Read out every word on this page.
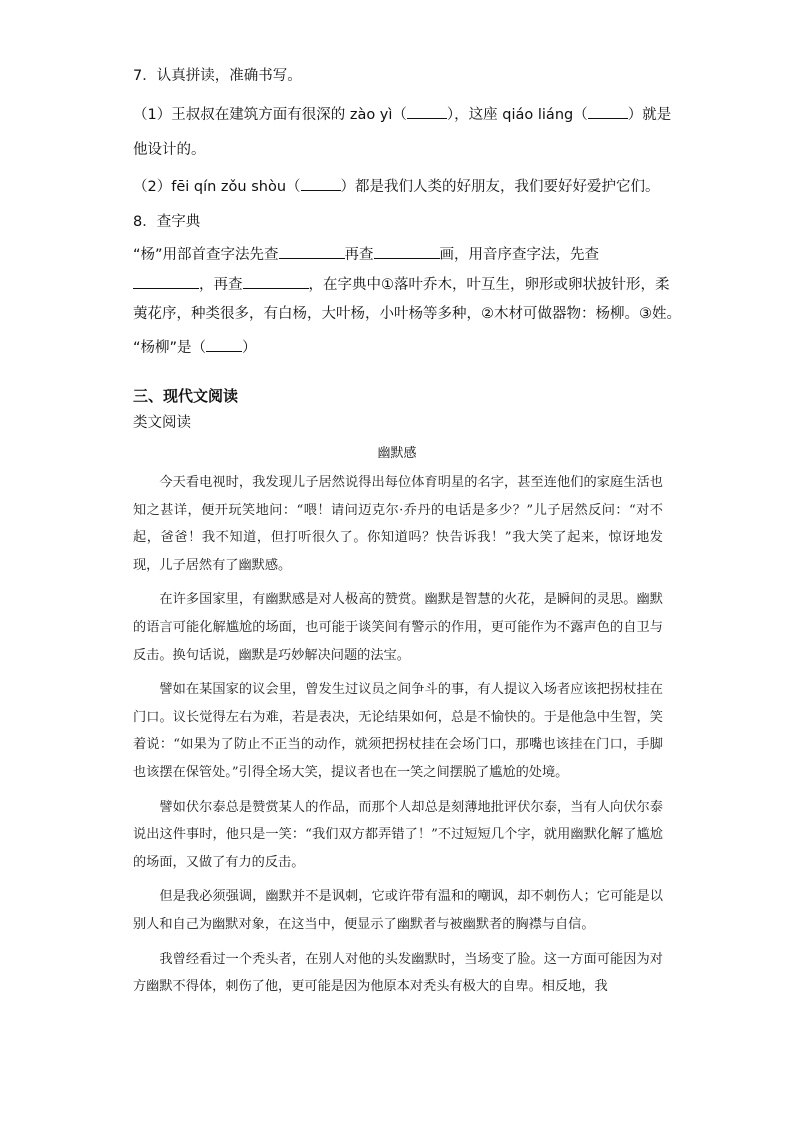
7．认真拼读，准确书写。
（1）王叔叔在建筑方面有很深的 zào yì（	），这座 qiáo liáng（	）就是
他设计的。
（2）fēi qín zǒu shòu（	）都是我们人类的好朋友，我们要好好爱护它们。
8．查字典
“杨”用部首查字法先查	再查	画，用音序查字法，先查
，再查	，在字典中①落叶乔木，叶互生，卵形或卵状披针形，柔
荑花序，种类很多，有白杨，大叶杨，小叶杨等多种，②木材可做器物：杨柳。③姓。
“杨柳”是（ ）
三、现代文阅读
类文阅读
幽默感

今天看电视时，我发现儿子居然说得出每位体育明星的名字，甚至连他们的家庭生活也知之甚详，便开玩笑地问：“喂！请问迈克尔·乔丹的电话是多少？”儿子居然反问：“对不起，爸爸！我不知道，但打听很久了。你知道吗？快告诉我！”我大笑了起来，惊讶地发现，儿子居然有了幽默感。

在许多国家里，有幽默感是对人极高的赞赏。幽默是智慧的火花，是瞬间的灵思。幽默的语言可能化解尴尬的场面，也可能于谈笑间有警示的作用，更可能作为不露声色的自卫与反击。换句话说，幽默是巧妙解决问题的法宝。

譬如在某国家的议会里，曾发生过议员之间争斗的事，有人提议入场者应该把拐杖挂在门口。议长觉得左右为难，若是表决，无论结果如何，总是不愉快的。于是他急中生智，笑着说：“如果为了防止不正当的动作，就须把拐杖挂在会场门口，那嘴也该挂在门口，手脚也该摆在保管处。”引得全场大笑，提议者也在一笑之间摆脱了尴尬的处境。

譬如伏尔泰总是赞赏某人的作品，而那个人却总是刻薄地批评伏尔泰，当有人向伏尔泰说出这件事时，他只是一笑：“我们双方都弄错了！”不过短短几个字，就用幽默化解了尴尬的场面，又做了有力的反击。

但是我必须强调，幽默并不是讽刺，它或许带有温和的嘲讽，却不刺伤人；它可能是以别人和自己为幽默对象，在这当中，便显示了幽默者与被幽默者的胸襟与自信。

我曾经看过一个秃头者，在别人对他的头发幽默时，当场变了脸。这一方面可能因为对方幽默不得体，刺伤了他，更可能是因为他原本对秃头有极大的自卑。相反地，我
